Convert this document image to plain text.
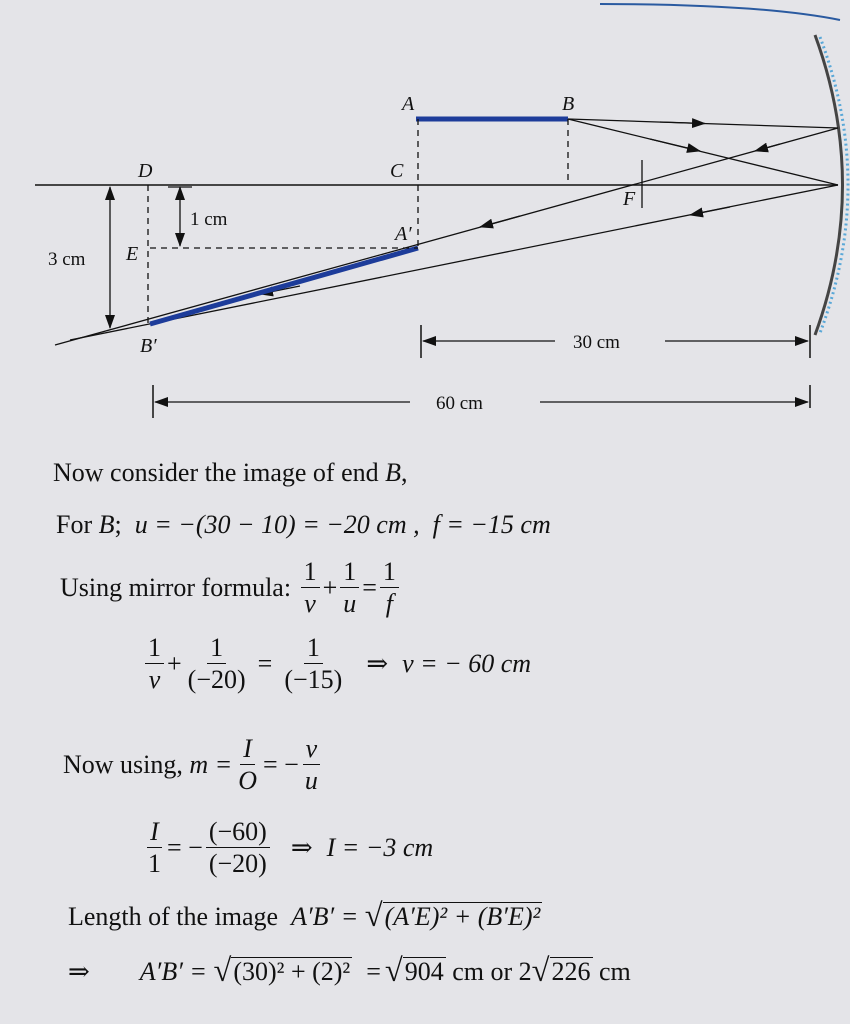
1 cm
3 cm
30 cm
60 cm
A	B
C
D
E
F
A′
B′
Now consider the image of end B,
For B; u = −(30 − 10) = −20 cm , f = −15 cm
Using mirror formula:
$\frac{1}{v} + \frac{1}{u} = \frac{1}{f}$
$\frac{1}{v} + \frac{1}{(-20)} = \frac{1}{(-15)}$ ⇒ v = − 60 cm
Now using,
$m = \frac{I}{O}$ = − $\frac{v}{u}$
$\frac{I}{1}$ = − $\frac{(-60)}{(-20)}$ ⇒ I = −3 cm
Length of the image
A′B′ =
√ (A′E)² + (B′E)²
⇒ A′B′ =
√ (30)² + (2)² = √ 904
cm
or
2 √ 226
cm
